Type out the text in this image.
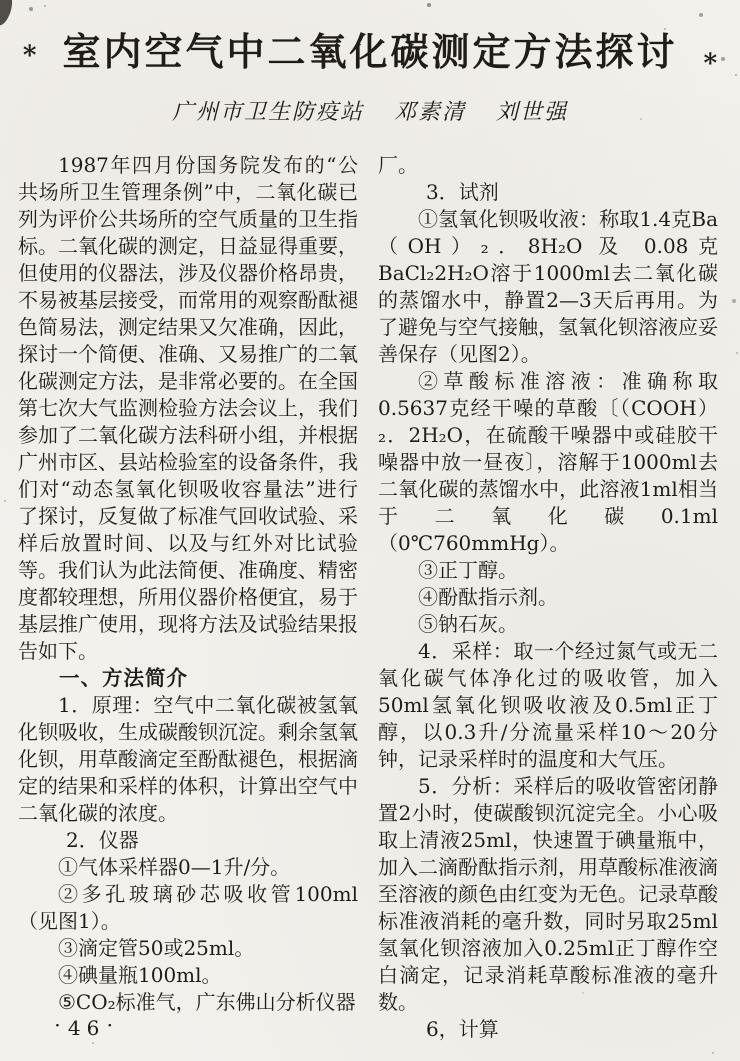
* 室内空气中二氧化碳测定方法探讨 *
广州市卫生防疫站 邓素清 刘世强

1987年四月份国务院发布的“公共场所卫生管理条例”中，二氧化碳已列为评价公共场所的空气质量的卫生指标。二氧化碳的测定，日益显得重要，但使用的仪器法，涉及仪器价格昂贵，不易被基层接受，而常用的观察酚酞褪色简易法，测定结果又欠准确，因此，探讨一个简便、准确、又易推广的二氧化碳测定方法，是非常必要的。在全国第七次大气监测检验方法会议上，我们参加了二氧化碳方法科研小组，并根据广州市区、县站检验室的设备条件，我们对“动态氢氧化钡吸收容量法”进行了探讨，反复做了标准气回收试验、采样后放置时间、以及与红外对比试验等。我们认为此法简便、准确度、精密度都较理想，所用仪器价格便宜，易于基层推广使用，现将方法及试验结果报告如下。

一、方法简介

1．原理：空气中二氧化碳被氢氧化钡吸收，生成碳酸钡沉淀。剩余氢氧化钡，用草酸滴定至酚酞褪色，根据滴定的结果和采样的体积，计算出空气中二氧化碳的浓度。

2．仪器

①气体采样器0—1升/分。

②多孔玻璃砂芯吸收管100ml（见图1）。

③滴定管50或25ml。

④碘量瓶100ml。

⑤CO₂标准气，广东佛山分析仪器

厂。

3．试剂

①氢氧化钡吸收液：称取1.4克Ba（OH）₂．8H₂O 及 0.08克 BaCl₂2H₂O溶于1000ml去二氧化碳的蒸馏水中，静置2—3天后再用。为了避免与空气接触，氢氧化钡溶液应妥善保存（见图2）。

②草酸标准溶液：准确称取0.5637克经干噪的草酸〔（COOH）₂．2H₂O，在硫酸干噪器中或硅胶干噪器中放一昼夜〕，溶解于1000ml去二氧化碳的蒸馏水中，此溶液1ml相当于二氧化碳0.1ml（0℃760mmHg）。

③正丁醇。

④酚酞指示剂。

⑤钠石灰。

4．采样：取一个经过氮气或无二氧化碳气体净化过的吸收管，加入50ml氢氧化钡吸收液及0.5ml正丁醇，以0.3升/分流量采样10～20分钟，记录采样时的温度和大气压。

5．分析：采样后的吸收管密闭静置2小时，使碳酸钡沉淀完全。小心吸取上清液25ml，快速置于碘量瓶中，加入二滴酚酞指示剂，用草酸标准液滴至溶液的颜色由红变为无色。记录草酸标准液消耗的毫升数，同时另取25ml氢氧化钡溶液加入0.25ml正丁醇作空白滴定，记录消耗草酸标准液的毫升数。

6，计算

· 46 ·
